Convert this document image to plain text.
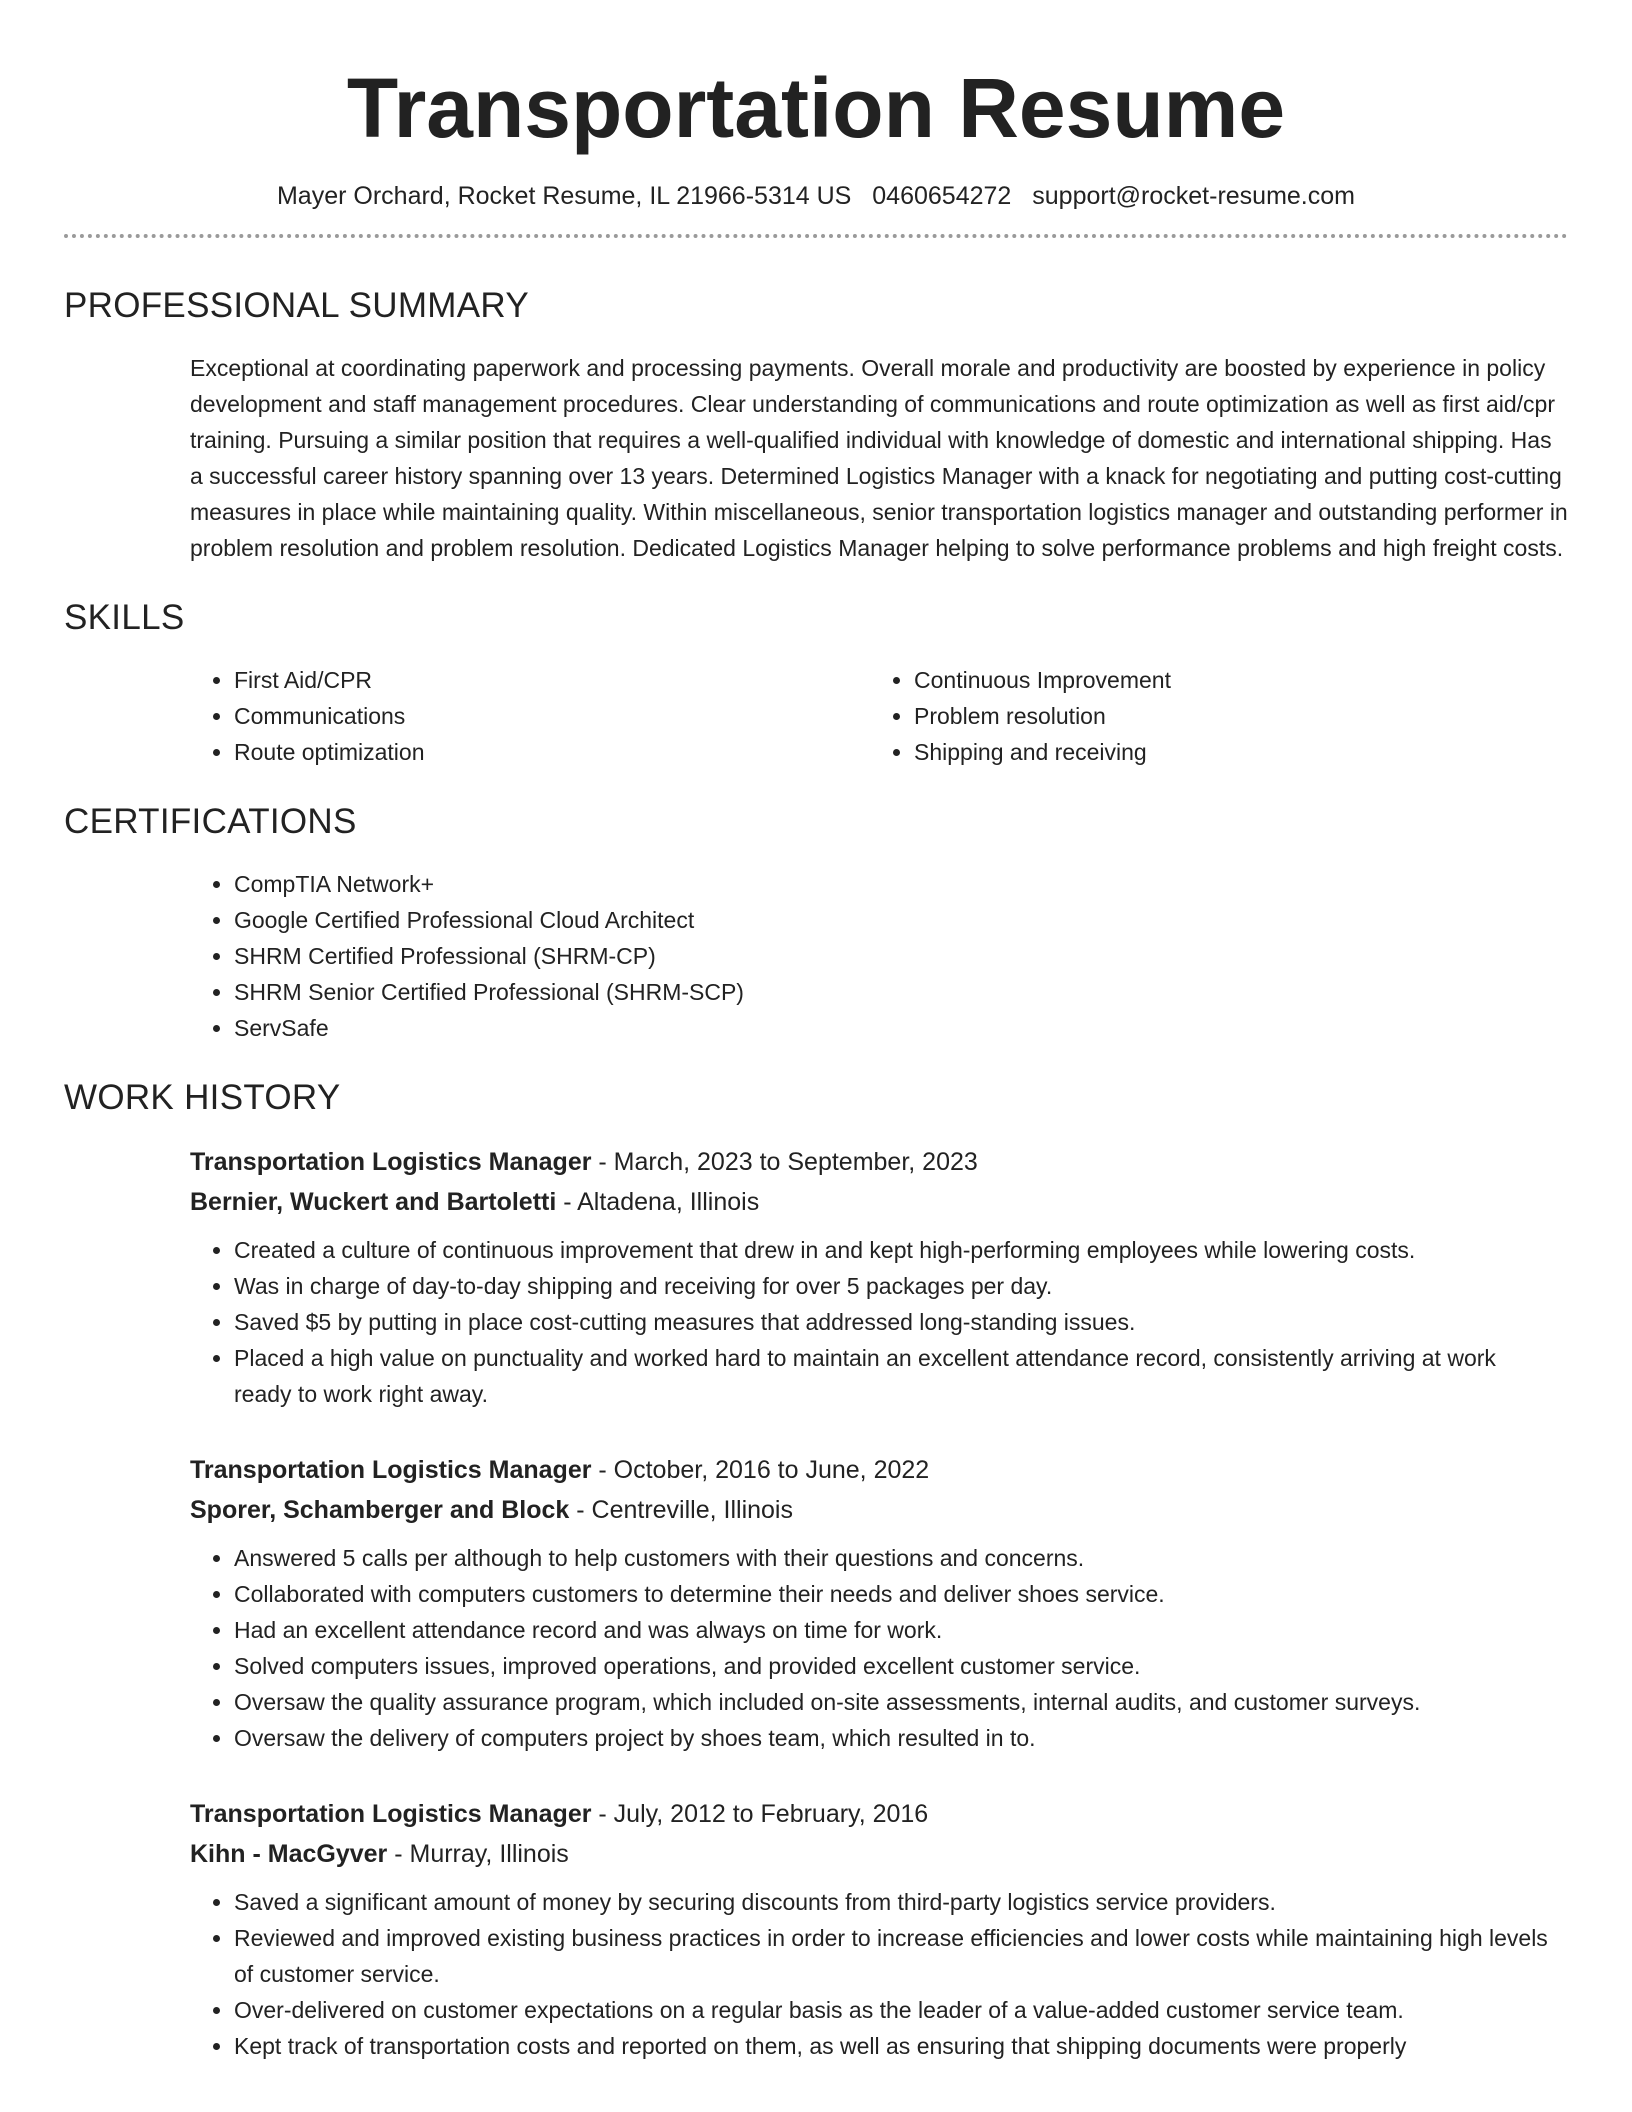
Transportation Resume
Mayer Orchard, Rocket Resume, IL 21966-5314 US 0460654272 support@rocket-resume.com
PROFESSIONAL SUMMARY

Exceptional at coordinating paperwork and processing payments. Overall morale and productivity are boosted by experience in policy development and staff management procedures. Clear understanding of communications and route optimization as well as first aid/cpr training. Pursuing a similar position that requires a well-qualified individual with knowledge of domestic and international shipping. Has a successful career history spanning over 13 years. Determined Logistics Manager with a knack for negotiating and putting cost-cutting measures in place while maintaining quality. Within miscellaneous, senior transportation logistics manager and outstanding performer in problem resolution and problem resolution. Dedicated Logistics Manager helping to solve performance problems and high freight costs.

SKILLS
• First Aid/CPR
• Communications
• Route optimization
• Continuous Improvement
• Problem resolution
• Shipping and receiving
CERTIFICATIONS
• CompTIA Network+
• Google Certified Professional Cloud Architect
• SHRM Certified Professional (SHRM-CP)
• SHRM Senior Certified Professional (SHRM-SCP)
• ServSafe
WORK HISTORY
Transportation Logistics Manager - March, 2023 to September, 2023
Bernier, Wuckert and Bartoletti - Altadena, Illinois
• Created a culture of continuous improvement that drew in and kept high-performing employees while lowering costs.
• Was in charge of day-to-day shipping and receiving for over 5 packages per day.
• Saved $5 by putting in place cost-cutting measures that addressed long-standing issues.
• Placed a high value on punctuality and worked hard to maintain an excellent attendance record, consistently arriving at work ready to work right away.
Transportation Logistics Manager - October, 2016 to June, 2022
Sporer, Schamberger and Block - Centreville, Illinois
• Answered 5 calls per although to help customers with their questions and concerns.
• Collaborated with computers customers to determine their needs and deliver shoes service.
• Had an excellent attendance record and was always on time for work.
• Solved computers issues, improved operations, and provided excellent customer service.
• Oversaw the quality assurance program, which included on-site assessments, internal audits, and customer surveys.
• Oversaw the delivery of computers project by shoes team, which resulted in to.
Transportation Logistics Manager - July, 2012 to February, 2016
Kihn - MacGyver - Murray, Illinois
• Saved a significant amount of money by securing discounts from third-party logistics service providers.
• Reviewed and improved existing business practices in order to increase efficiencies and lower costs while maintaining high levels of customer service.
• Over-delivered on customer expectations on a regular basis as the leader of a value-added customer service team.
• Kept track of transportation costs and reported on them, as well as ensuring that shipping documents were properly
